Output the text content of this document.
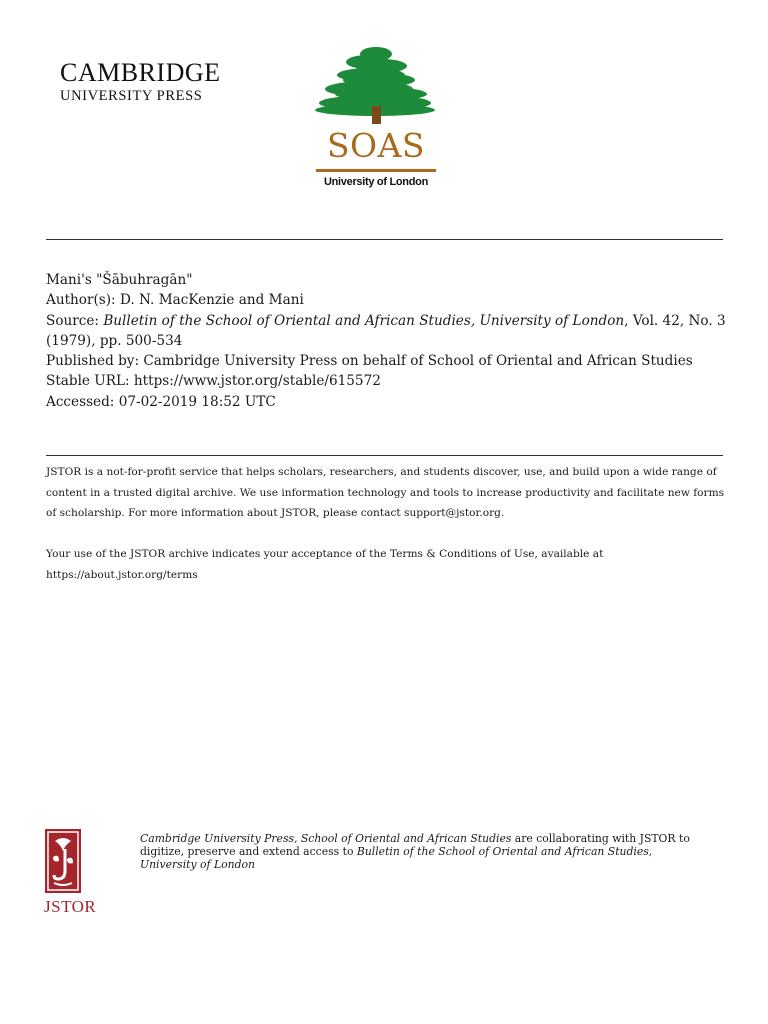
CAMBRIDGE
UNIVERSITY PRESS
SOAS
University of London

Mani's "Šābuhragān"

Author(s): D. N. MacKenzie and Mani

Source: Bulletin of the School of Oriental and African Studies, University of London, Vol. 42, No. 3 (1979), pp. 500-534

Published by: Cambridge University Press on behalf of School of Oriental and African Studies

Stable URL: https://www.jstor.org/stable/615572

Accessed: 07-02-2019 18:52 UTC

JSTOR is a not-for-profit service that helps scholars, researchers, and students discover, use, and build upon a wide range of content in a trusted digital archive. We use information technology and tools to increase productivity and facilitate new forms of scholarship. For more information about JSTOR, please contact support@jstor.org.

Your use of the JSTOR archive indicates your acceptance of the Terms & Conditions of Use, available at https://about.jstor.org/terms

JSTOR

Cambridge University Press, School of Oriental and African Studies are collaborating with JSTOR to digitize, preserve and extend access to Bulletin of the School of Oriental and African Studies, University of London
